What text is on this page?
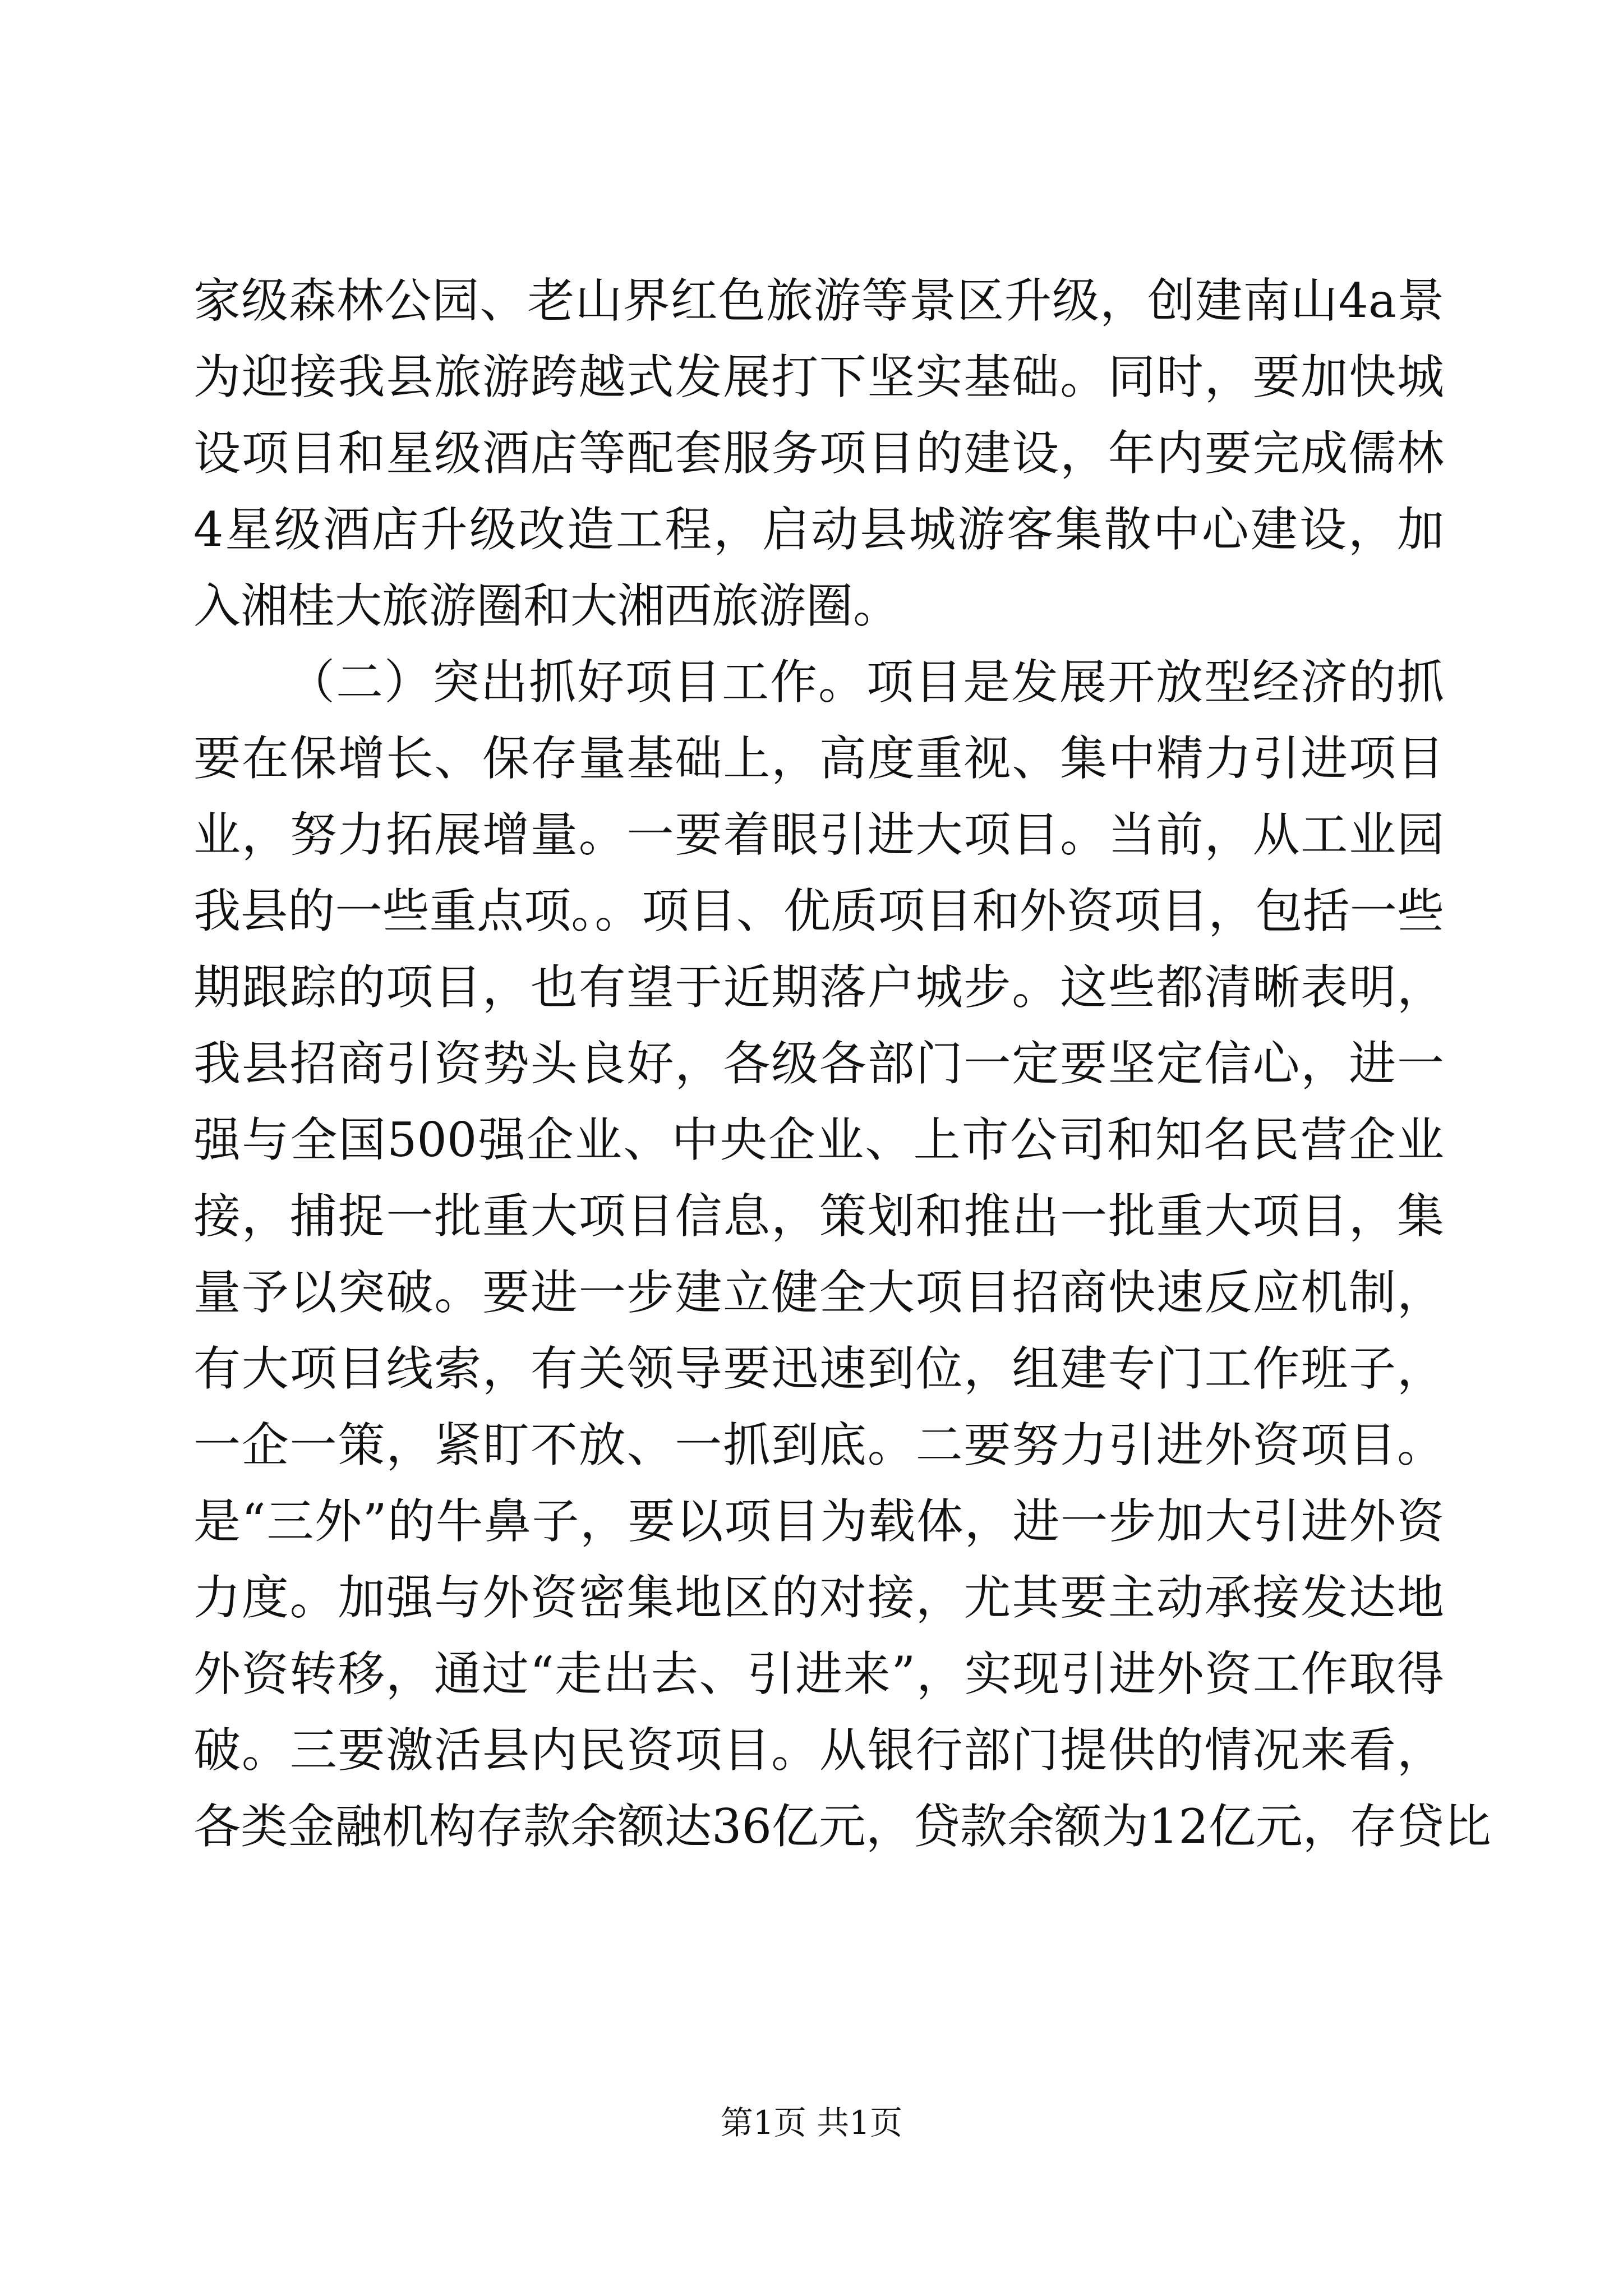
家级森林公园、老山界红色旅游等景区升级，创建南山4a景
为迎接我县旅游跨越式发展打下坚实基础。同时，要加快城
设项目和星级酒店等配套服务项目的建设，年内要完成儒林
4星级酒店升级改造工程，启动县城游客集散中心建设，加
入湘桂大旅游圈和大湘西旅游圈。
（二）突出抓好项目工作。项目是发展开放型经济的抓
要在保增长、保存量基础上，高度重视、集中精力引进项目
业，努力拓展增量。一要着眼引进大项目。当前，从工业园
我县的一些重点项。。项目、优质项目和外资项目，包括一些
期跟踪的项目，也有望于近期落户城步。这些都清晰表明，
我县招商引资势头良好，各级各部门一定要坚定信心，进一
强与全国500强企业、中央企业、上市公司和知名民营企业
接，捕捉一批重大项目信息，策划和推出一批重大项目，集
量予以突破。要进一步建立健全大项目招商快速反应机制，
有大项目线索，有关领导要迅速到位，组建专门工作班子，
一企一策，紧盯不放、一抓到底。二要努力引进外资项目。
是“三外”的牛鼻子，要以项目为载体，进一步加大引进外资
力度。加强与外资密集地区的对接，尤其要主动承接发达地
外资转移，通过“走出去、引进来”，实现引进外资工作取得
破。三要激活县内民资项目。从银行部门提供的情况来看，
各类金融机构存款余额达36亿元，贷款余额为12亿元，存贷比
第1页 共1页
